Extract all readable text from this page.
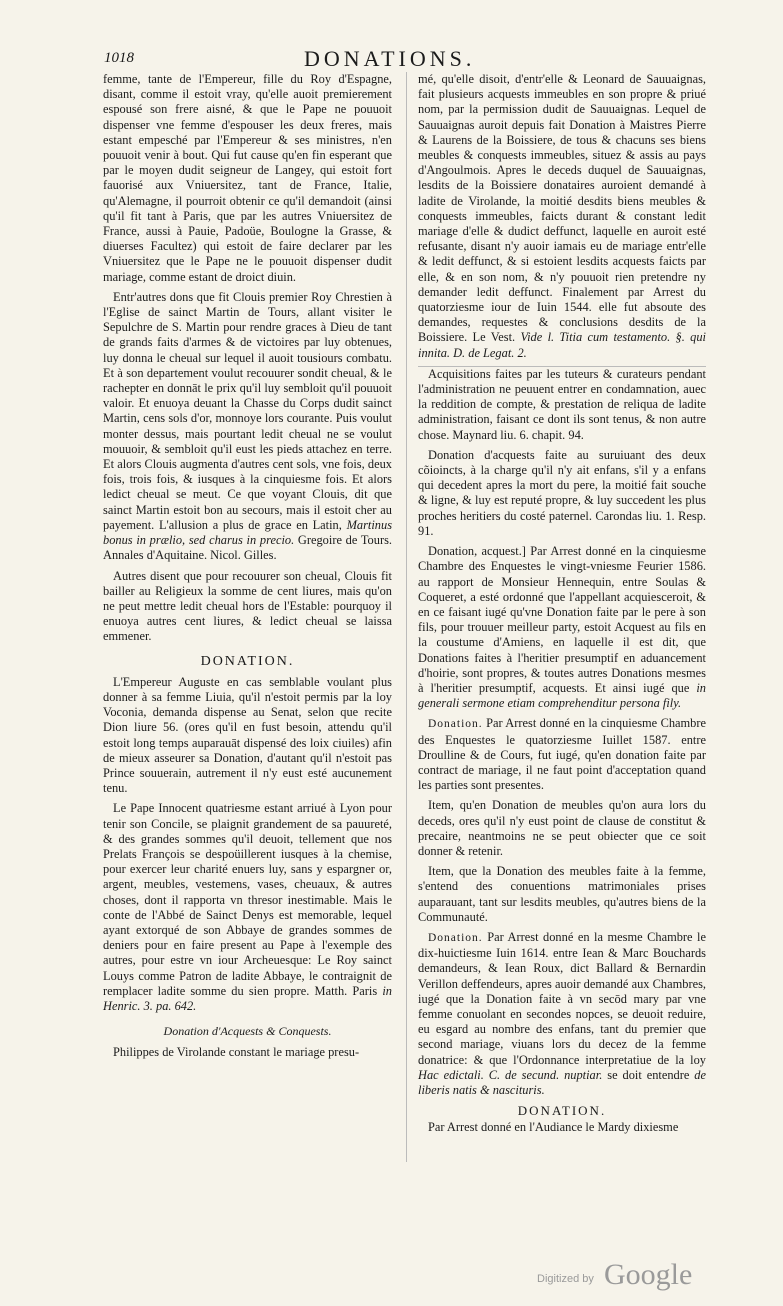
1018	DONATIONS.

femme, tante de l'Empereur, fille du Roy d'Espagne, disant, comme il estoit vray, qu'elle auoit premierement espousé son frere aisné, & que le Pape ne pouuoit dispenser vne femme d'espouser les deux freres, mais estant empesché par l'Empereur & ses ministres, n'en pouuoit venir à bout. Qui fut cause qu'en fin esperant que par le moyen dudit seigneur de Langey, qui estoit fort fauorisé aux Vniuersitez, tant de France, Italie, qu'Alemagne, il pourroit obtenir ce qu'il demandoit (ainsi qu'il fit tant à Paris, que par les autres Vniuersitez de France, aussi à Pauie, Padoüe, Boulogne la Grasse, & diuerses Facultez) qui estoit de faire declarer par les Vniuersitez que le Pape ne le pouuoit dispenser dudit mariage, comme estant de droict diuin.

Entr'autres dons que fit Clouis premier Roy Chrestien à l'Eglise de sainct Martin de Tours, allant visiter le Sepulchre de S. Martin pour rendre graces à Dieu de tant de grands faits d'armes & de victoires par luy obtenues, luy donna le cheual sur lequel il auoit tousiours combatu. Et à son departement voulut recouurer sondit cheual, & le rachepter en donnāt le prix qu'il luy sembloit qu'il pouuoit valoir. Et enuoya deuant la Chasse du Corps dudit sainct Martin, cens sols d'or, monnoye lors courante. Puis voulut monter dessus, mais pourtant ledit cheual ne se voulut mouuoir, & sembloit qu'il eust les pieds attachez en terre. Et alors Clouis augmenta d'autres cent sols, vne fois, deux fois, trois fois, & iusques à la cinquiesme fois. Et alors ledict cheual se meut. Ce que voyant Clouis, dit que sainct Martin estoit bon au secours, mais il estoit cher au payement. L'allusion a plus de grace en Latin, Martinus bonus in prælio, sed charus in precio. Gregoire de Tours. Annales d'Aquitaine. Nicol. Gilles.

Autres disent que pour recouurer son cheual, Clouis fit bailler au Religieux la somme de cent liures, mais qu'on ne peut mettre ledit cheual hors de l'Estable: pourquoy il enuoya autres cent liures, & ledict cheual se laissa emmener.

DONATION.

L'Empereur Auguste en cas semblable voulant plus donner à sa femme Liuia, qu'il n'estoit permis par la loy Voconia, demanda dispense au Senat, selon que recite Dion liure 56. (ores qu'il en fust besoin, attendu qu'il estoit long temps auparauāt dispensé des loix ciuiles) afin de mieux asseurer sa Donation, d'autant qu'il n'estoit pas Prince souuerain, autrement il n'y eust esté aucunement tenu.

Le Pape Innocent quatriesme estant arriué à Lyon pour tenir son Concile, se plaignit grandement de sa pauureté, & des grandes sommes qu'il deuoit, tellement que nos Prelats François se despoüillerent iusques à la chemise, pour exercer leur charité enuers luy, sans y espargner or, argent, meubles, vestemens, vases, cheuaux, & autres choses, dont il rapporta vn thresor inestimable. Mais le conte de l'Abbé de Sainct Denys est memorable, lequel ayant extorqué de son Abbaye de grandes sommes de deniers pour en faire present au Pape à l'exemple des autres, pour estre vn iour Archeuesque: Le Roy sainct Louys comme Patron de ladite Abbaye, le contraignit de remplacer ladite somme du sien propre. Matth. Paris in Henric. 3. pa. 642.

Donation d'Acquests & Conquests.

Philippes de Virolande constant le mariage presu-

mé, qu'elle disoit, d'entr'elle & Leonard de Sauuaignas, fait plusieurs acquests immeubles en son propre & priué nom, par la permission dudit de Sauuaignas. Lequel de Sauuaignas auroit depuis fait Donation à Maistres Pierre & Laurens de la Boissiere, de tous & chacuns ses biens meubles & conquests immeubles, situez & assis au pays d'Angoulmois. Apres le deceds duquel de Sauuaignas, lesdits de la Boissiere donataires auroient demandé à ladite de Virolande, la moitié desdits biens meubles & conquests immeubles, faicts durant & constant ledit mariage d'elle & dudict deffunct, laquelle en auroit esté refusante, disant n'y auoir iamais eu de mariage entr'elle & ledit deffunct, & si estoient lesdits acquests faicts par elle, & en son nom, & n'y pouuoit rien pretendre ny demander ledit deffunct. Finalement par Arrest du quatorziesme iour de Iuin 1544. elle fut absoute des demandes, requestes & conclusions desdits de la Boissiere. Le Vest. Vide l. Titia cum testamento. §. qui innita. D. de Legat. 2.

Acquisitions faites par les tuteurs & curateurs pendant l'administration ne peuuent entrer en condamnation, auec la reddition de compte, & prestation de reliqua de ladite administration, faisant ce dont ils sont tenus, & non autre chose. Maynard liu. 6. chapit. 94.

Donation d'acquests faite au suruiuant des deux cõioincts, à la charge qu'il n'y ait enfans, s'il y a enfans qui decedent apres la mort du pere, la moitié fait souche & ligne, & luy est reputé propre, & luy succedent les plus proches heritiers du costé paternel. Carondas liu. 1. Resp. 91.

Donation, acquest.] Par Arrest donné en la cinquiesme Chambre des Enquestes le vingt-vniesme Feurier 1586. au rapport de Monsieur Hennequin, entre Soulas & Coqueret, a esté ordonné que l'appellant acquiesceroit, & en ce faisant iugé qu'vne Donation faite par le pere à son fils, pour trouuer meilleur party, estoit Acquest au fils en la coustume d'Amiens, en laquelle il est dit, que Donations faites à l'heritier presumptif en aduancement d'hoirie, sont propres, & toutes autres Donations mesmes à l'heritier presumptif, acquests. Et ainsi iugé que in generali sermone etiam comprehenditur persona fily.

Donation. Par Arrest donné en la cinquiesme Chambre des Enquestes le quatorziesme Iuillet 1587. entre Droulline & de Cours, fut iugé, qu'en donation faite par contract de mariage, il ne faut point d'acceptation quand les parties sont presentes.

Item, qu'en Donation de meubles qu'on aura lors du deceds, ores qu'il n'y eust point de clause de constitut & precaire, neantmoins ne se peut obiecter que ce soit donner & retenir.

Item, que la Donation des meubles faite à la femme, s'entend des conuentions matrimoniales prises auparauant, tant sur lesdits meubles, qu'autres biens de la Communauté.

Donation. Par Arrest donné en la mesme Chambre le dix-huictiesme Iuin 1614. entre Iean & Marc Bouchards demandeurs, & Iean Roux, dict Ballard & Bernardin Verillon deffendeurs, apres auoir demandé aux Chambres, iugé que la Donation faite à vn secōd mary par vne femme conuolant en secondes nopces, se deuoit reduire, eu esgard au nombre des enfans, tant du premier que second mariage, viuans lors du decez de la femme donatrice: & que l'Ordonnance interpretatiue de la loy Hac edictali. C. de secund. nuptiar. se doit entendre de liberis natis & nascituris.

DONATION.

Par Arrest donné en l'Audiance le Mardy dixiesme

Digitized by Google
